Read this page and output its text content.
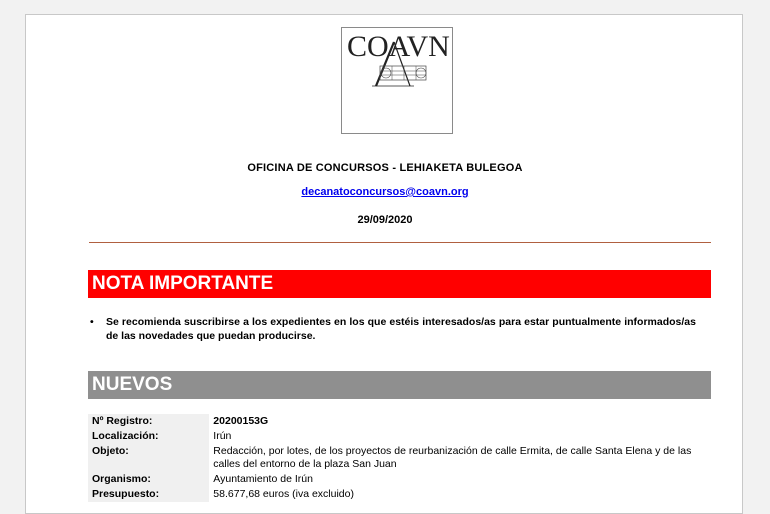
COAVN
OFICINA DE CONCURSOS - LEHIAKETA BULEGOA
decanatoconcursos@coavn.org
29/09/2020
NOTA IMPORTANTE
• Se recomienda suscribirse a los expedientes en los que estéis interesados/as para estar puntualmente informados/as de las novedades que puedan producirse.
NUEVOS
Nº Registro:	20200153G
Localización:	Irún
Objeto:	Redacción, por lotes, de los proyectos de reurbanización de calle Ermita, de calle Santa Elena y de las calles del entorno de la plaza San Juan
Organismo:	Ayuntamiento de Irún
Presupuesto:	58.677,68 euros (iva excluido)
